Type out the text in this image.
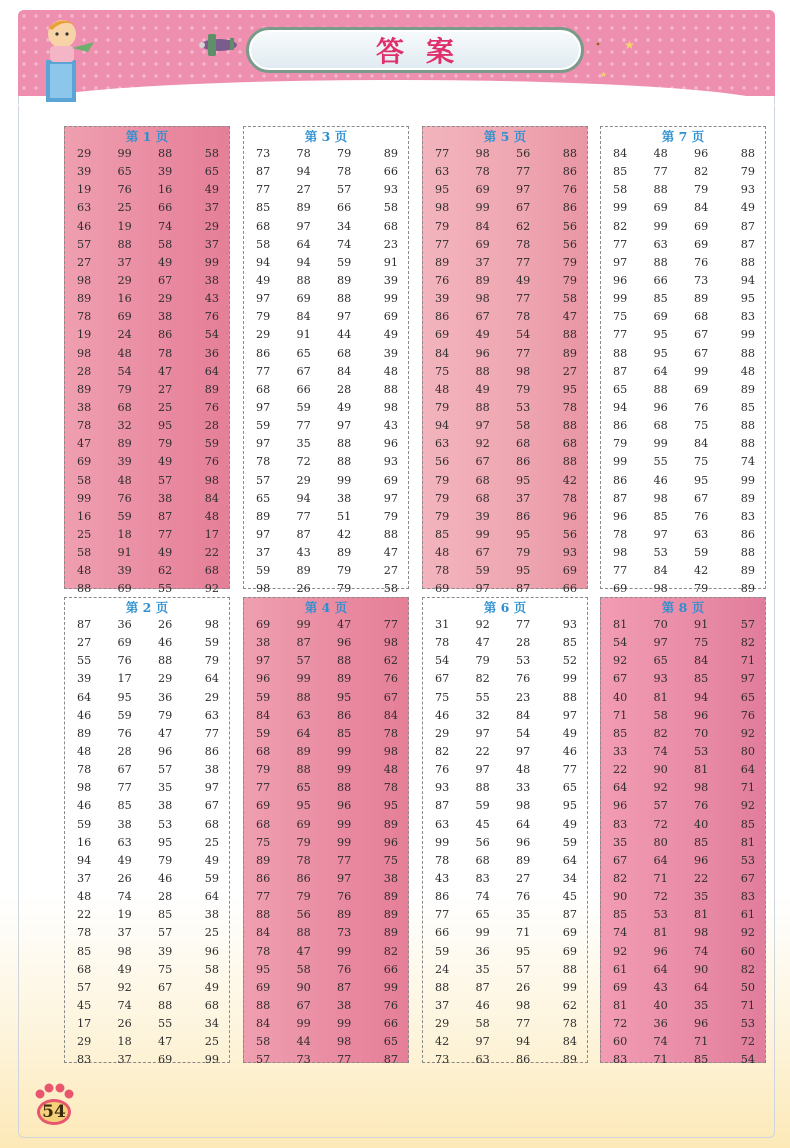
答案	★
★
第 1 页
29	99	88	58
39	65	39	65
19	76	16	49
63	25	66	37
46	19	74	29
57	88	58	37
27	37	49	99
98	29	67	38
89	16	29	43
78	69	38	76
19	24	86	54
98	48	78	36
28	54	47	64
89	79	27	89
38	68	25	76
78	32	95	28
47	89	79	59
69	39	49	76
58	48	57	98
99	76	38	84
16	59	87	48
25	18	77	17
58	91	49	22
48	39	62	68
88	69	55	92
第 3 页
73	78	79	89
87	94	78	66
77	27	57	93
85	89	66	58
68	97	34	68
58	64	74	23
94	94	59	91
49	88	89	39
97	69	88	99
79	84	97	69
29	91	44	49
86	65	68	39
77	67	84	48
68	66	28	88
97	59	49	98
59	77	97	43
97	35	88	96
78	72	88	93
57	29	99	69
65	94	38	97
89	77	51	79
97	87	42	88
37	43	89	47
59	89	79	27
98	26	79	58
第 5 页
77	98	56	88
63	78	77	86
95	69	97	76
98	99	67	86
79	84	62	56
77	69	78	56
89	37	77	79
76	89	49	79
39	98	77	58
86	67	78	47
69	49	54	88
84	96	77	89
75	88	98	27
48	49	79	95
79	88	53	78
94	97	58	88
63	92	68	68
56	67	86	88
79	68	95	42
79	68	37	78
79	39	86	96
85	99	95	56
48	67	79	93
78	59	95	69
69	97	87	66
第 7 页
84	48	96	88
85	77	82	79
58	88	79	93
99	69	84	49
82	99	69	87
77	63	69	87
97	88	76	88
96	66	73	94
99	85	89	95
75	69	68	83
77	95	67	99
88	95	67	88
87	64	99	48
65	88	69	89
94	96	76	85
86	68	75	88
79	99	84	88
99	55	75	74
86	46	95	99
87	98	67	89
96	85	76	83
78	97	63	86
98	53	59	88
77	84	42	89
69	98	79	89
第 2 页
87	36	26	98
27	69	46	59
55	76	88	79
39	17	29	64
64	95	36	29
46	59	79	63
89	76	47	77
48	28	96	86
78	67	57	38
98	77	35	97
46	85	38	67
59	38	53	68
16	63	95	25
94	49	79	49
37	26	46	59
48	74	28	64
22	19	85	38
78	37	57	25
85	98	39	96
68	49	75	58
57	92	67	49
45	74	88	68
17	26	55	34
29	18	47	25
83	37	69	99
第 4 页
69	99	47	77
38	87	96	98
97	57	88	62
96	99	89	76
59	88	95	67
84	63	86	84
59	64	85	78
68	89	99	98
79	88	99	48
77	65	88	78
69	95	96	95
68	69	99	89
75	79	99	96
89	78	77	75
86	86	97	38
77	79	76	89
88	56	89	89
84	88	73	89
78	47	99	82
95	58	76	66
69	90	87	99
88	67	38	76
84	99	99	66
58	44	98	65
57	73	77	87
第 6 页
31	92	77	93
78	47	28	85
54	79	53	52
67	82	76	99
75	55	23	88
46	32	84	97
29	97	54	49
82	22	97	46
76	97	48	77
93	88	33	65
87	59	98	95
63	45	64	49
99	56	96	59
78	68	89	64
43	83	27	34
86	74	76	45
77	65	35	87
66	99	71	69
59	36	95	69
24	35	57	88
88	87	26	99
37	46	98	62
29	58	77	78
42	97	94	84
73	63	86	89
第 8 页
81	70	91	57
54	97	75	82
92	65	84	71
67	93	85	97
40	81	94	65
71	58	96	76
85	82	70	92
33	74	53	80
22	90	81	64
64	92	98	71
96	57	76	92
83	72	40	85
35	80	85	81
67	64	96	53
82	71	22	67
90	72	35	83
85	53	81	61
74	81	98	92
92	96	74	60
61	64	90	82
69	43	64	50
81	40	35	71
72	36	96	53
60	74	71	72
83	71	85	54
54
